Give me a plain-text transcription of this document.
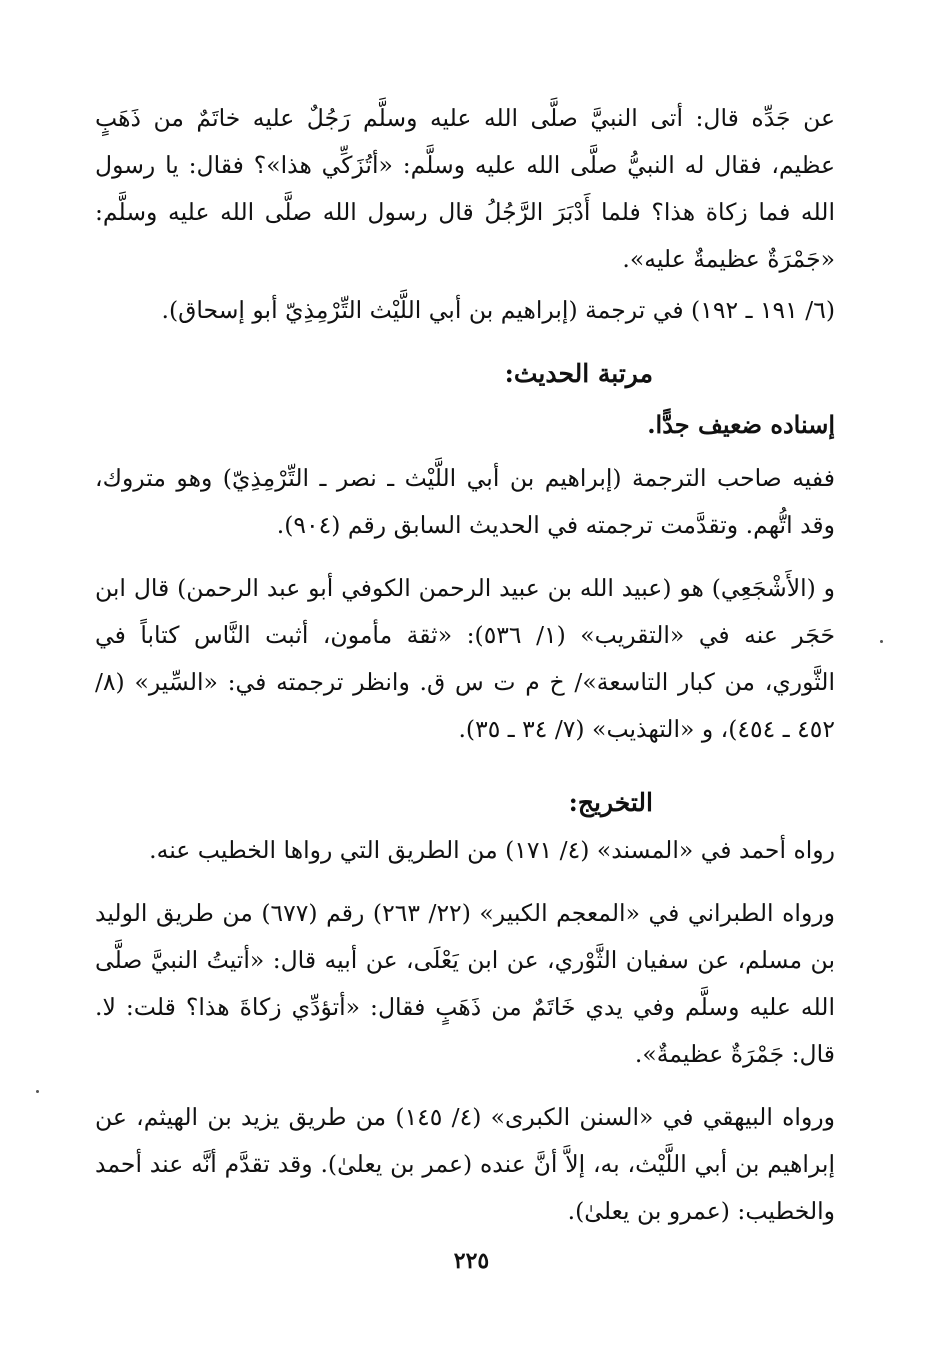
عن جَدِّه قال: أتى النبيَّ صلَّى الله عليه وسلَّم رَجُلٌ عليه خاتَمٌ من ذَهَبٍ عظيم، فقال له النبيُّ صلَّى الله عليه وسلَّم: «أتُزَكِّي هذا»؟ فقال: يا رسول الله فما زكاة هذا؟ فلما أَدْبَرَ الرَّجُلُ قال رسول الله صلَّى الله عليه وسلَّم: «جَمْرَةٌ عظيمةٌ عليه».

(٦/ ١٩١ ـ ١٩٢) في ترجمة (إبراهيم بن أبي اللَّيْث التِّرْمِذِيّ أبو إسحاق).

مرتبة الحديث:

إسناده ضعيف جدًّا.

ففيه صاحب الترجمة (إبراهيم بن أبي اللَّيْث ـ نصر ـ التِّرْمِذِيّ) وهو متروك، وقد اتُّهم. وتقدَّمت ترجمته في الحديث السابق رقم (٩٠٤).

و (الأَشْجَعِي) هو (عبيد الله بن عبيد الرحمن الكوفي أبو عبد الرحمن) قال ابن حَجَر عنه في «التقريب» (١/ ٥٣٦): «ثقة مأمون، أثبت النَّاس كتاباً في الثَّوري، من كبار التاسعة»/ خ م ت س ق. وانظر ترجمته في: «السِّير» (٨/ ٤٥٢ ـ ٤٥٤)، و «التهذيب» (٧/ ٣٤ ـ ٣٥).

التخريج:

رواه أحمد في «المسند» (٤/ ١٧١) من الطريق التي رواها الخطيب عنه.

ورواه الطبراني في «المعجم الكبير» (٢٢/ ٢٦٣) رقم (٦٧٧) من طريق الوليد بن مسلم، عن سفيان الثَّوْري، عن ابن يَعْلَى، عن أبيه قال: «أتيتُ النبيَّ صلَّى الله عليه وسلَّم وفي يدي خَاتَمٌ من ذَهَبٍ فقال: «أتؤدِّي زكاةَ هذا؟ قلت: لا. قال: جَمْرَةٌ عظيمةٌ».

ورواه البيهقي في «السنن الكبرى» (٤/ ١٤٥) من طريق يزيد بن الهيثم، عن إبراهيم بن أبي اللَّيْث، به، إلاَّ أنَّ عنده (عمر بن يعلىٰ). وقد تقدَّم أنَّه عند أحمد والخطيب: (عمرو بن يعلىٰ).

٢٢٥
